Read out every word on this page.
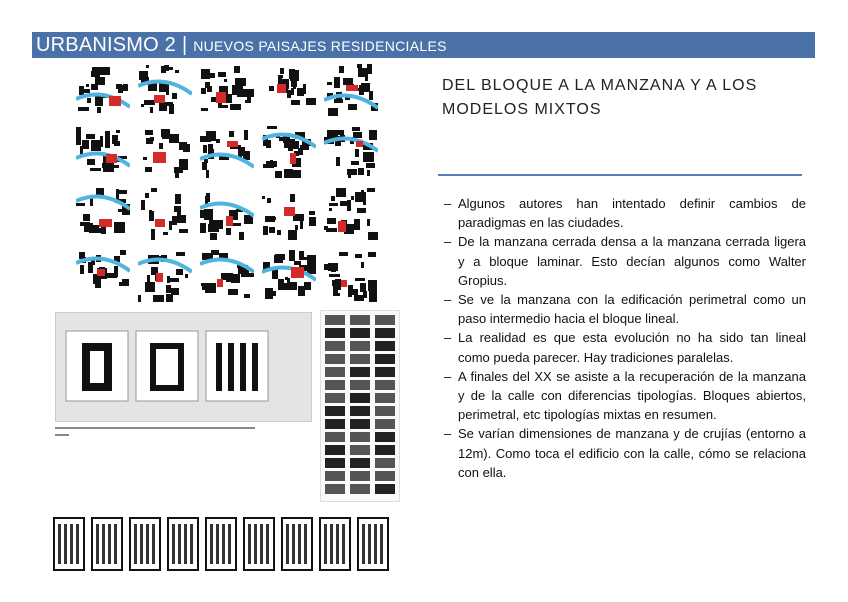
URBANISMO 2 | NUEVOS PAISAJES RESIDENCIALES
DEL BLOQUE A LA MANZANA Y A LOS MODELOS MIXTOS
– Algunos autores han intentado definir cambios de paradigmas en las ciudades.
– De la manzana cerrada densa a la manzana cerrada ligera y a bloque laminar. Esto decían algunos como Walter Gropius.
– Se ve la manzana con la edificación perimetral como un paso intermedio hacia el bloque lineal.
– La realidad es que esta evolución no ha sido tan lineal como pueda parecer. Hay tradiciones paralelas.
– A finales del XX se asiste a la recuperación de la manzana y de la calle con diferencias tipologías. Bloques abiertos, perimetral, etc tipologías mixtas en resumen.
– Se varían dimensiones de manzana y de crujías (entorno a 12m). Como toca el edificio con la calle, cómo se relaciona con ella.
